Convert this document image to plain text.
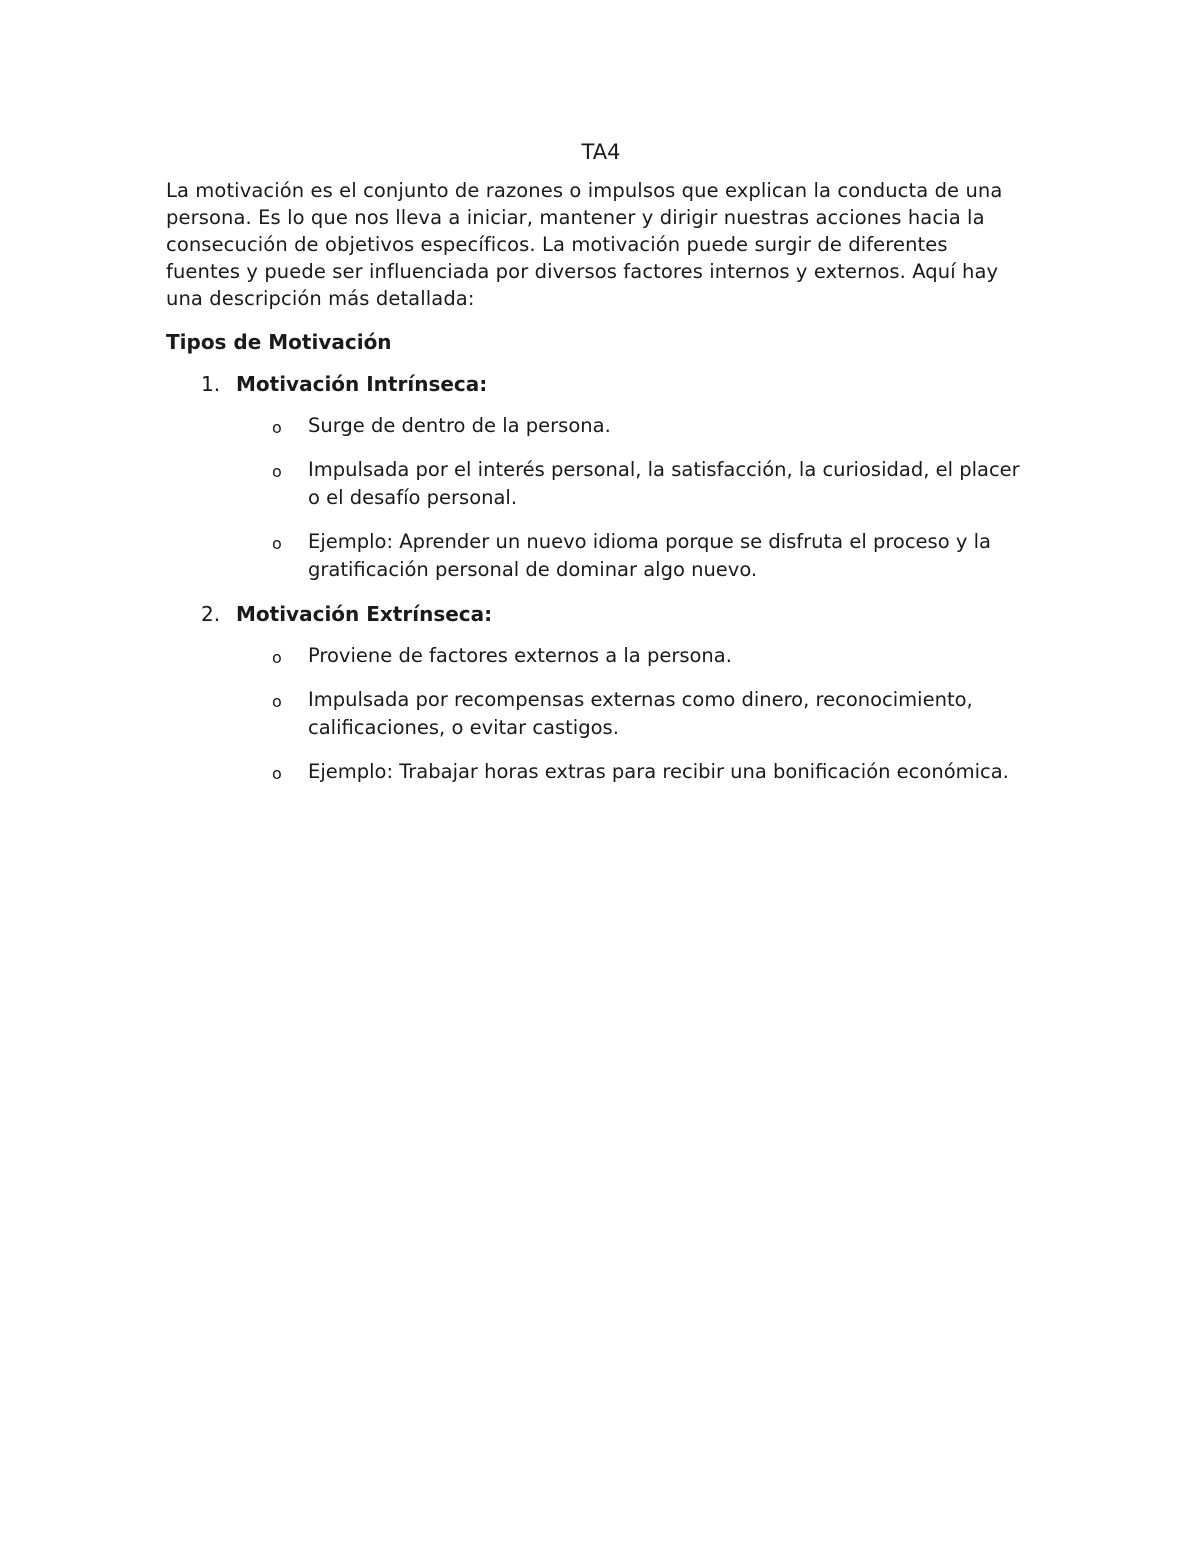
TA4

La motivación es el conjunto de razones o impulsos que explican la conducta de una persona. Es lo que nos lleva a iniciar, mantener y dirigir nuestras acciones hacia la consecución de objetivos específicos. La motivación puede surgir de diferentes fuentes y puede ser influenciada por diversos factores internos y externos. Aquí hay una descripción más detallada:

Tipos de Motivación
1. Motivación Intrínseca:
o Surge de dentro de la persona.
o Impulsada por el interés personal, la satisfacción, la curiosidad, el placer o el desafío personal.
o Ejemplo: Aprender un nuevo idioma porque se disfruta el proceso y la gratificación personal de dominar algo nuevo.
2. Motivación Extrínseca:
o Proviene de factores externos a la persona.
o Impulsada por recompensas externas como dinero, reconocimiento, calificaciones, o evitar castigos.
o Ejemplo: Trabajar horas extras para recibir una bonificación económica.
